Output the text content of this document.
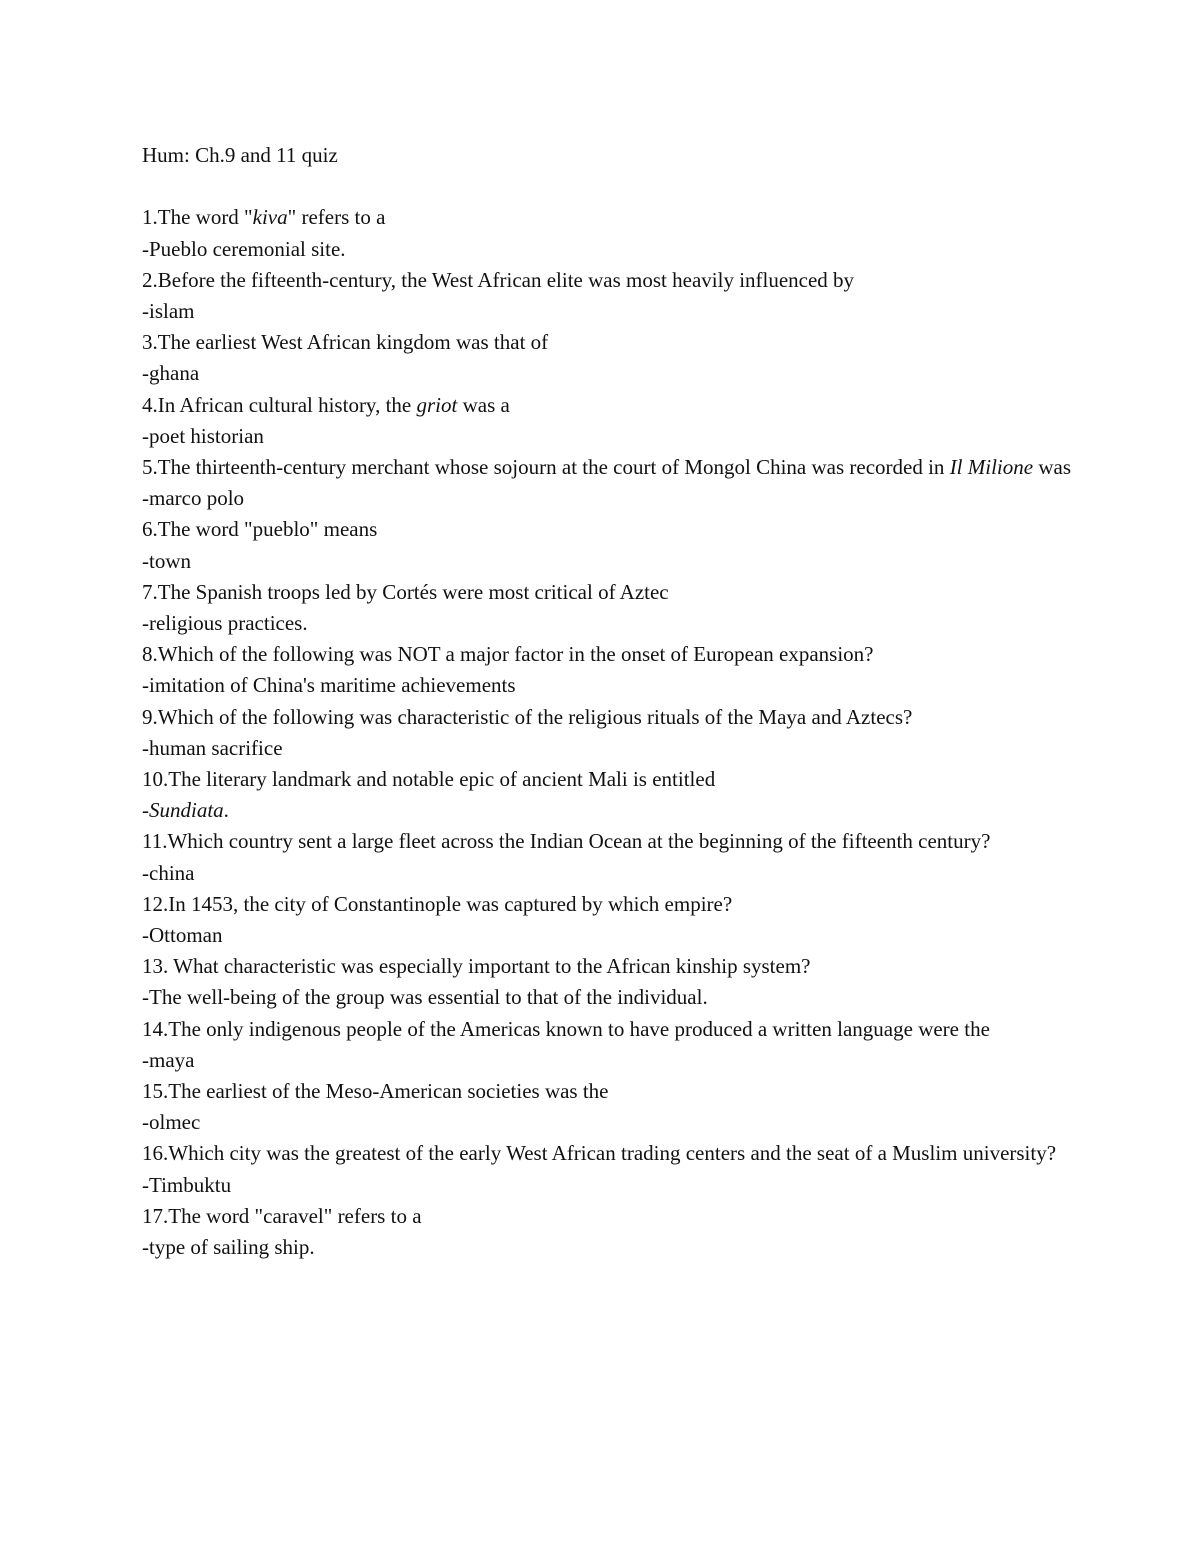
Hum: Ch.9 and 11 quiz

1.The word "kiva" refers to a

-Pueblo ceremonial site.

2.Before the fifteenth-century, the West African elite was most heavily influenced by

-islam

3.The earliest West African kingdom was that of

-ghana

4.In African cultural history, the griot was a

-poet historian

5.The thirteenth-century merchant whose sojourn at the court of Mongol China was recorded in Il Milione was

-marco polo

6.The word "pueblo" means

-town

7.The Spanish troops led by Cortés were most critical of Aztec

-religious practices.

8.Which of the following was NOT a major factor in the onset of European expansion?

-imitation of China's maritime achievements

9.Which of the following was characteristic of the religious rituals of the Maya and Aztecs?

-human sacrifice

10.The literary landmark and notable epic of ancient Mali is entitled

-Sundiata.

11.Which country sent a large fleet across the Indian Ocean at the beginning of the fifteenth century?

-china

12.In 1453, the city of Constantinople was captured by which empire?

-Ottoman

13. What characteristic was especially important to the African kinship system?

-The well-being of the group was essential to that of the individual.

14.The only indigenous people of the Americas known to have produced a written language were the

-maya

15.The earliest of the Meso-American societies was the

-olmec

16.Which city was the greatest of the early West African trading centers and the seat of a Muslim university?

-Timbuktu

17.The word "caravel" refers to a

-type of sailing ship.
